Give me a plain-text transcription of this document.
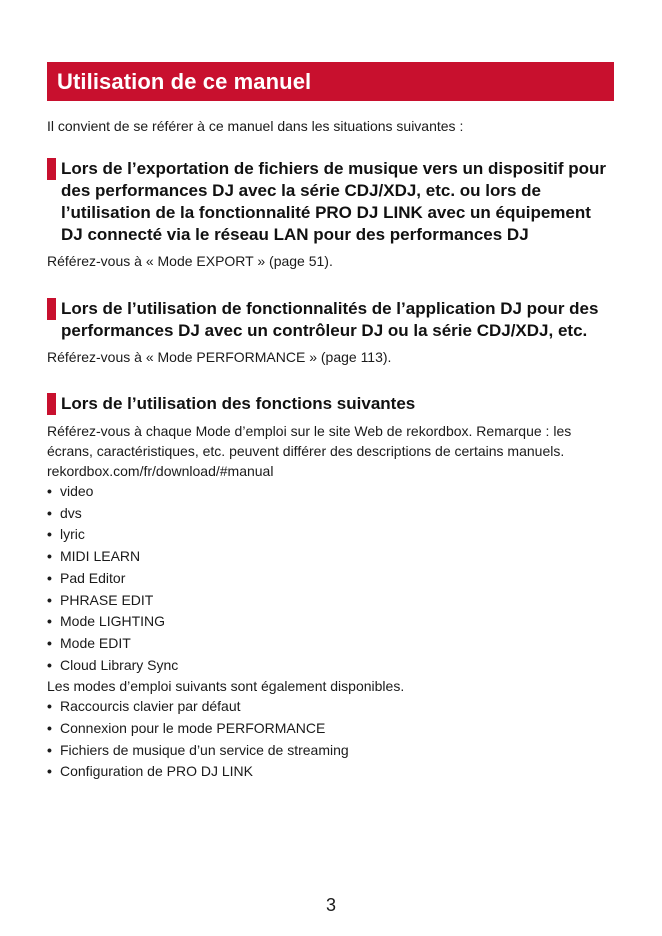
Utilisation de ce manuel
Il convient de se référer à ce manuel dans les situations suivantes :
Lors de l’exportation de fichiers de musique vers un dispositif pour des performances DJ avec la série CDJ/XDJ, etc. ou lors de l’utilisation de la fonctionnalité PRO DJ LINK avec un équipement DJ connecté via le réseau LAN pour des performances DJ
Référez-vous à « Mode EXPORT » (page 51).
Lors de l’utilisation de fonctionnalités de l’application DJ pour des performances DJ avec un contrôleur DJ ou la série CDJ/XDJ, etc.
Référez-vous à « Mode PERFORMANCE » (page 113).
Lors de l’utilisation des fonctions suivantes
Référez-vous à chaque Mode d’emploi sur le site Web de rekordbox. Remarque : les écrans, caractéristiques, etc. peuvent différer des descriptions de certains manuels.
rekordbox.com/fr/download/#manual
• video
• dvs
• lyric
• MIDI LEARN
• Pad Editor
• PHRASE EDIT
• Mode LIGHTING
• Mode EDIT
• Cloud Library Sync
Les modes d’emploi suivants sont également disponibles.
• Raccourcis clavier par défaut
• Connexion pour le mode PERFORMANCE
• Fichiers de musique d’un service de streaming
• Configuration de PRO DJ LINK
3
